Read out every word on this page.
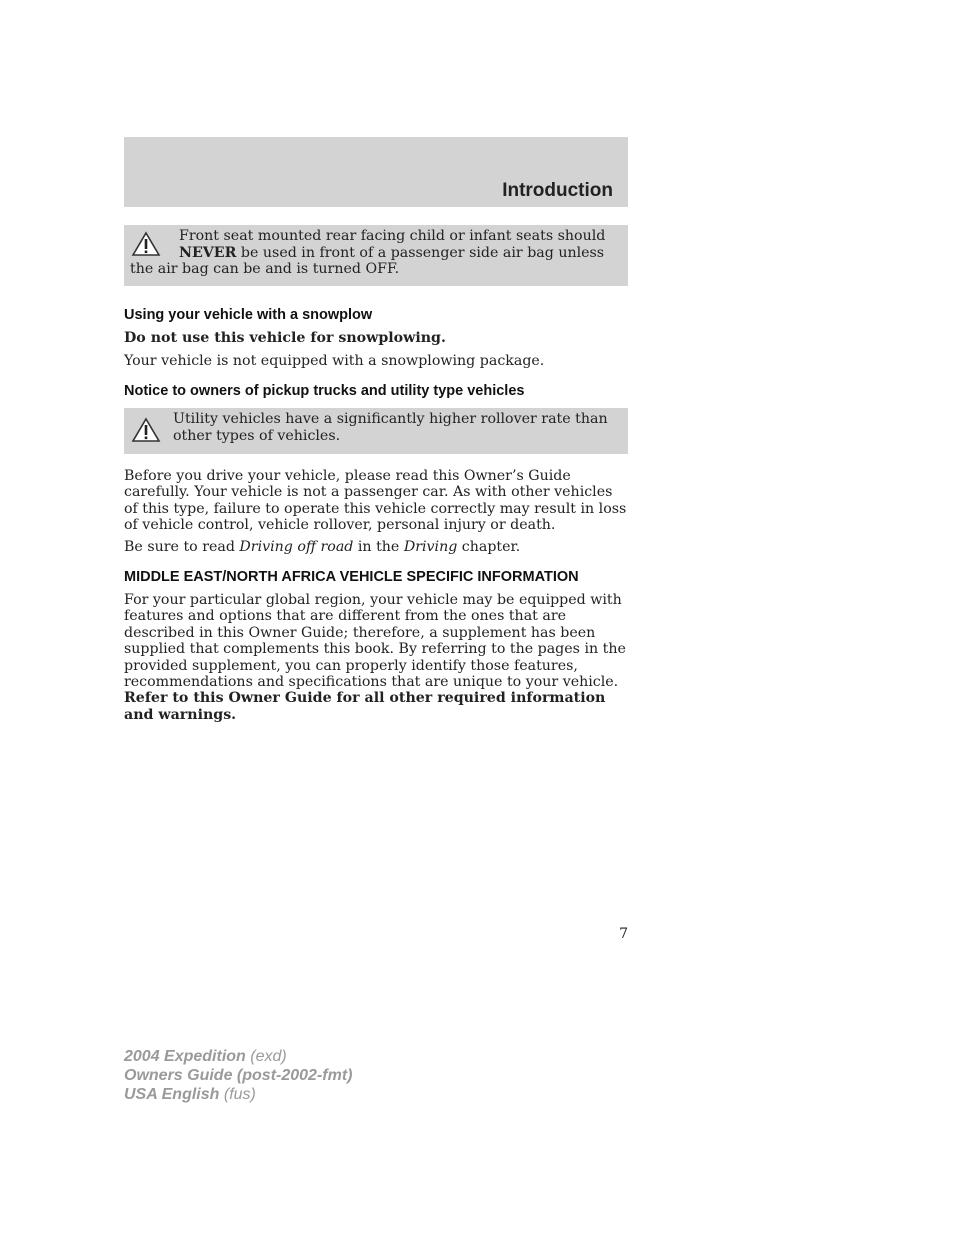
Introduction

Front seat mounted rear facing child or infant seats should
NEVER be used in front of a passenger side air bag unless the air bag can be and is turned OFF.

Using your vehicle with a snowplow

Do not use this vehicle for snowplowing.

Your vehicle is not equipped with a snowplowing package.

Notice to owners of pickup trucks and utility type vehicles

Utility vehicles have a significantly higher rollover rate than other types of vehicles.

Before you drive your vehicle, please read this Owner’s Guide carefully. Your vehicle is not a passenger car. As with other vehicles of this type, failure to operate this vehicle correctly may result in loss of vehicle control, vehicle rollover, personal injury or death.

Be sure to read Driving off road in the Driving chapter.

MIDDLE EAST/NORTH AFRICA VEHICLE SPECIFIC INFORMATION

For your particular global region, your vehicle may be equipped with features and options that are different from the ones that are described in this Owner Guide; therefore, a supplement has been supplied that complements this book. By referring to the pages in the provided supplement, you can properly identify those features, recommendations and specifications that are unique to your vehicle. Refer to this Owner Guide for all other required information and warnings.

7
2004 Expedition (exd)
Owners Guide (post-2002-fmt)
USA English (fus)
